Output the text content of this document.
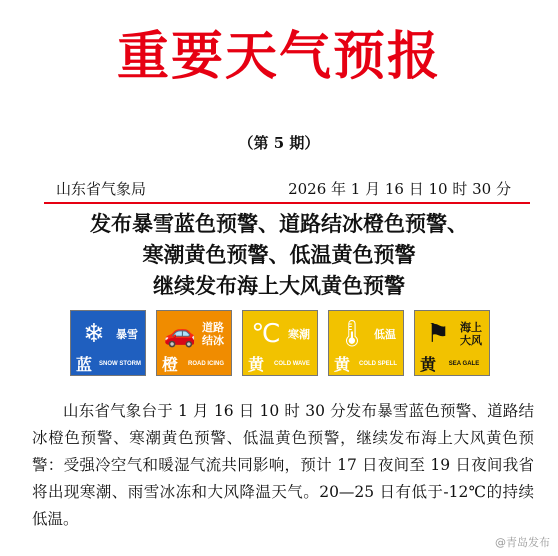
重要天气预报
（第 5 期）
山东省气象局	2026 年 1 月 16 日 10 时 30 分
发布暴雪蓝色预警、道路结冰橙色预警、
寒潮黄色预警、低温黄色预警
继续发布海上大风黄色预警
❄	暴雪
蓝	SNOW STORM
🚗 道路结冰
橙	ROAD ICING
℃ 寒潮
黄	COLD WAVE
🌡 低温
黄	COLD SPELL
⚑ 海上大风
黄	SEA GALE
山东省气象台于 1 月 16 日 10 时 30 分发布暴雪蓝色预警、道路结冰橙色预警、寒潮黄色预警、低温黄色预警，继续发布海上大风黄色预警：受强冷空气和暖湿气流共同影响，预计 17 日夜间至 19 日夜间我省将出现寒潮、雨雪冰冻和大风降温天气。20—25 日有低于-12℃的持续低温。
@青岛发布
